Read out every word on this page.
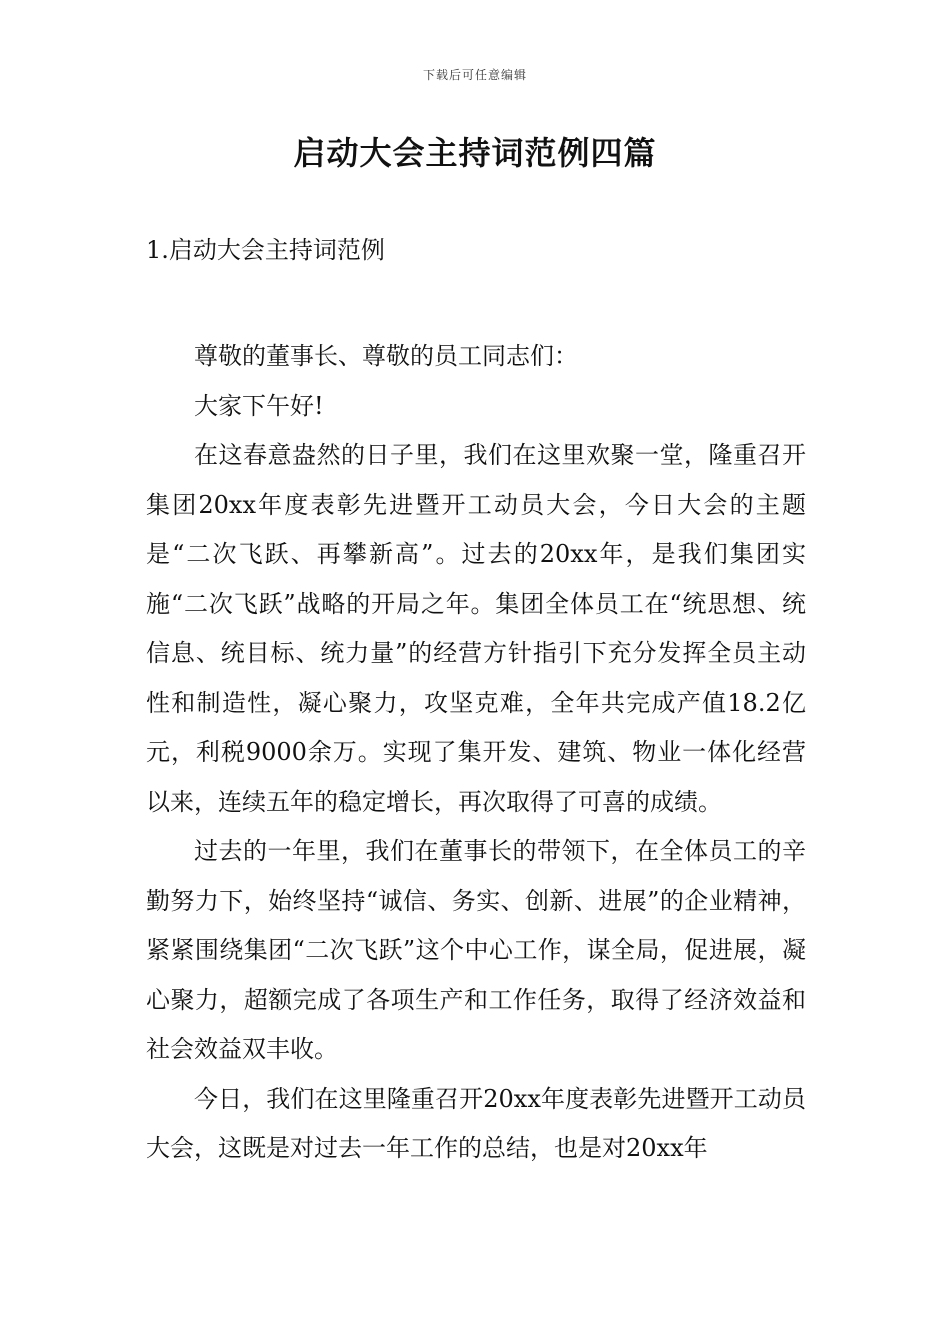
下载后可任意编辑
启动大会主持词范例四篇
1.启动大会主持词范例

尊敬的董事长、尊敬的员工同志们：

大家下午好!

在这春意盎然的日子里，我们在这里欢聚一堂，隆重召开集团20xx年度表彰先进暨开工动员大会，今日大会的主题是“二次飞跃、再攀新高”。过去的20xx年，是我们集团实施“二次飞跃”战略的开局之年。集团全体员工在“统思想、统信息、统目标、统力量”的经营方针指引下充分发挥全员主动性和制造性，凝心聚力，攻坚克难，全年共完成产值18.2亿元，利税9000余万。实现了集开发、建筑、物业一体化经营以来，连续五年的稳定增长，再次取得了可喜的成绩。

过去的一年里，我们在董事长的带领下，在全体员工的辛勤努力下，始终坚持“诚信、务实、创新、进展”的企业精神，紧紧围绕集团“二次飞跃”这个中心工作，谋全局，促进展，凝心聚力，超额完成了各项生产和工作任务，取得了经济效益和社会效益双丰收。

今日，我们在这里隆重召开20xx年度表彰先进暨开工动员大会，这既是对过去一年工作的总结，也是对20xx年
